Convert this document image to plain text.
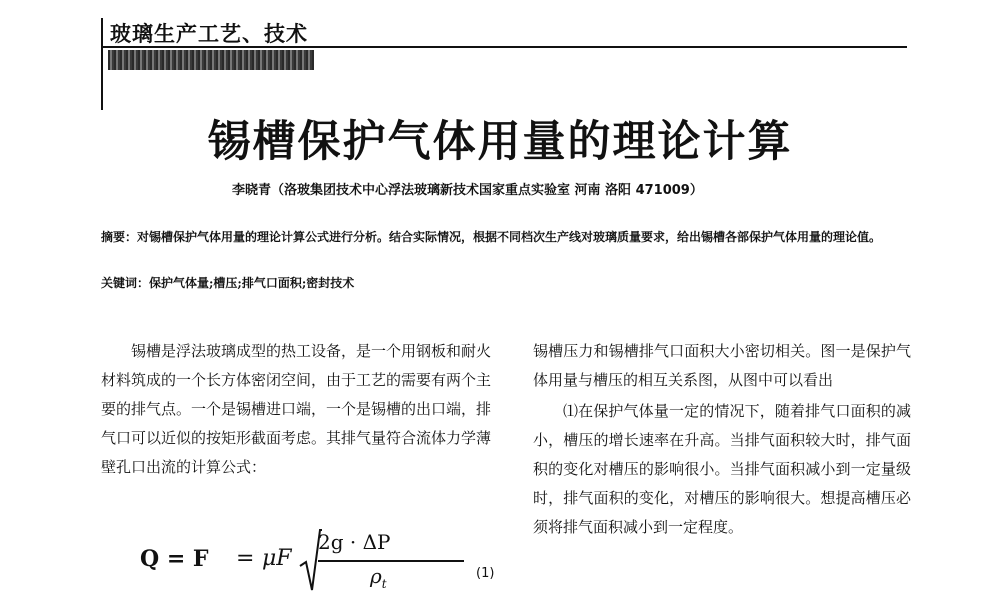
玻璃生产工艺、技术
锡槽保护气体用量的理论计算
李晓青（洛玻集团技术中心浮法玻璃新技术国家重点实验室 河南 洛阳 471009）
摘要：对锡槽保护气体用量的理论计算公式进行分析。结合实际情况，根据不同档次生产线对玻璃质量要求，给出锡槽各部保护气体用量的理论值。
关键词：保护气体量;槽压;排气口面积;密封技术

锡槽是浮法玻璃成型的热工设备，是一个用钢板和耐火材料筑成的一个长方体密闭空间，由于工艺的需要有两个主要的排气点。一个是锡槽进口端，一个是锡槽的出口端，排气口可以近似的按矩形截面考虑。其排气量符合流体力学薄壁孔口出流的计算公式：

Q = F = μF
2g · ΔP
$\rho_t$
(1)

锡槽压力和锡槽排气口面积大小密切相关。图一是保护气体用量与槽压的相互关系图，从图中可以看出

⑴在保护气体量一定的情况下，随着排气口面积的减小，槽压的增长速率在升高。当排气面积较大时，排气面积的变化对槽压的影响很小。当排气面积减小到一定量级时，排气面积的变化，对槽压的影响很大。想提高槽压必须将排气面积减小到一定程度。
